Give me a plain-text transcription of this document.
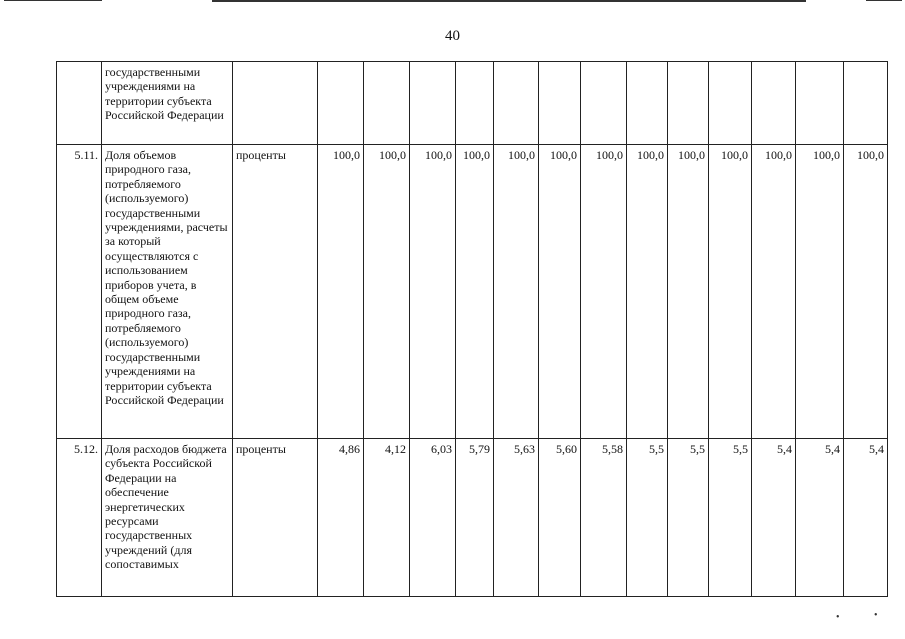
40
	государственными учреждениями на территории субъекта Российской Федерации														
5.11.	Доля объемов природного газа, потребляемого (используемого) государственными учреждениями, расчеты за который осуществляются с использованием приборов учета, в общем объеме природного газа, потребляемого (используемого) государственными учреждениями на территории субъекта Российской Федерации	проценты	100,0	100,0	100,0	100,0	100,0	100,0	100,0	100,0	100,0	100,0	100,0	100,0	100,0
5.12.	Доля расходов бюджета субъекта Российской Федерации на обеспечение энергетических ресурсами государственных учреждений (для сопоставимых	проценты	4,86	4,12	6,03	5,79	5,63	5,60	5,58	5,5	5,5	5,5	5,4	5,4	5,4
•	•
